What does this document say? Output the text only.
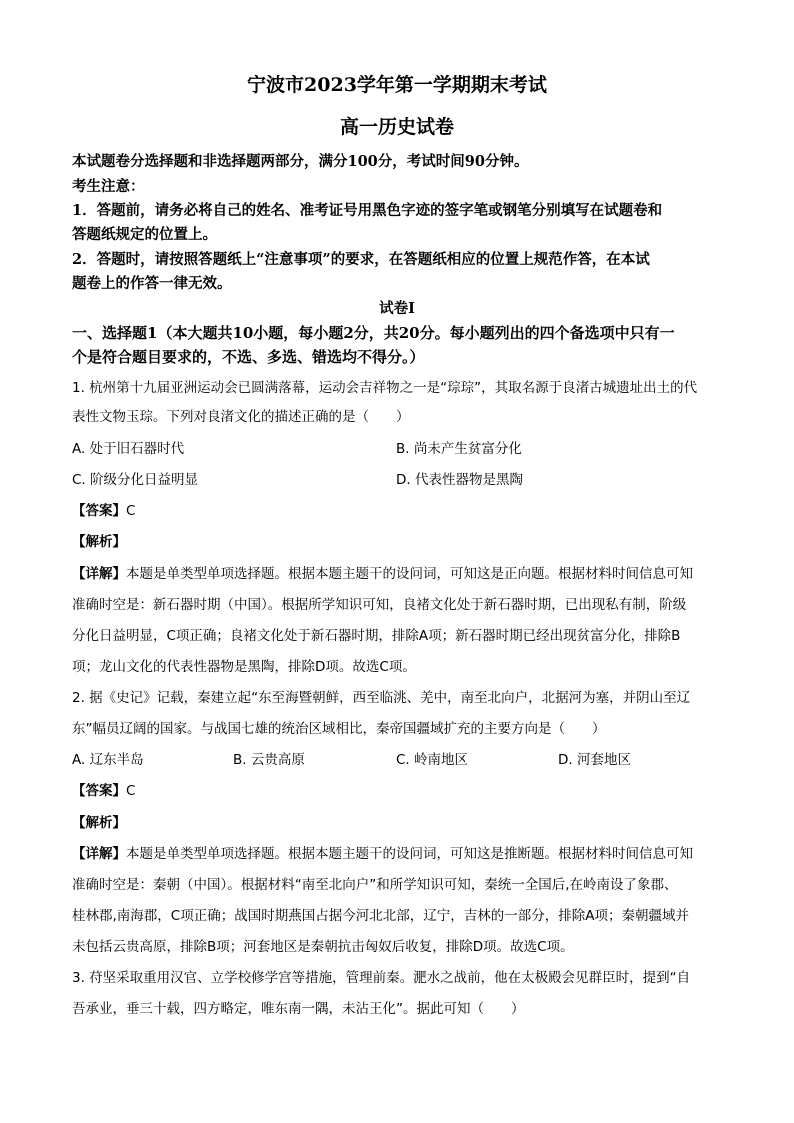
宁波市2023学年第一学期期末考试
高一历史试卷
本试题卷分选择题和非选择题两部分，满分100分，考试时间90分钟。
考生注意：
1．答题前，请务必将自己的姓名、准考证号用黑色字迹的签字笔或钢笔分别填写在试题卷和
答题纸规定的位置上。
2．答题时，请按照答题纸上“注意事项”的要求，在答题纸相应的位置上规范作答，在本试
题卷上的作答一律无效。
试卷Ⅰ
一、选择题1（本大题共10小题，每小题2分，共20分。每小题列出的四个备选项中只有一
个是符合题目要求的，不选、多选、错选均不得分。）
1. 杭州第十九届亚洲运动会已圆满落幕，运动会吉祥物之一是“琮琮”，其取名源于良渚古城遗址出土的代
表性文物玉琮。下列对良渚文化的描述正确的是（　　）
A. 处于旧石器时代	B. 尚未产生贫富分化
C. 阶级分化日益明显	D. 代表性器物是黑陶
【答案】C
【解析】
【详解】本题是单类型单项选择题。根据本题主题干的设问词，可知这是正向题。根据材料时间信息可知
准确时空是：新石器时期（中国）。根据所学知识可知，良褚文化处于新石器时期，已出现私有制，阶级
分化日益明显，C项正确；良褚文化处于新石器时期，排除A项；新石器时期已经出现贫富分化，排除B
项；龙山文化的代表性器物是黑陶，排除D项。故选C项。
2. 据《史记》记载，秦建立起“东至海暨朝鲜，西至临洮、羌中，南至北向户，北据河为塞，并阴山至辽
东”幅员辽阔的国家。与战国七雄的统治区域相比，秦帝国疆域扩充的主要方向是（　　）
A. 辽东半岛	B. 云贵高原	C. 岭南地区	D. 河套地区
【答案】C
【解析】
【详解】本题是单类型单项选择题。根据本题主题干的设问词，可知这是推断题。根据材料时间信息可知
准确时空是：秦朝（中国）。根据材料“南至北向户”和所学知识可知，秦统一全国后,在岭南设了象郡、
桂林郡,南海郡，C项正确；战国时期燕国占据今河北北部，辽宁，吉林的一部分，排除A项；秦朝疆域并
未包括云贵高原，排除B项；河套地区是秦朝抗击匈奴后收复，排除D项。故选C项。
3. 苻坚采取重用汉官、立学校修学宫等措施，管理前秦。淝水之战前，他在太极殿会见群臣时，提到“自
吾承业，垂三十载，四方略定，唯东南一隅，未沾王化”。据此可知（　　）
